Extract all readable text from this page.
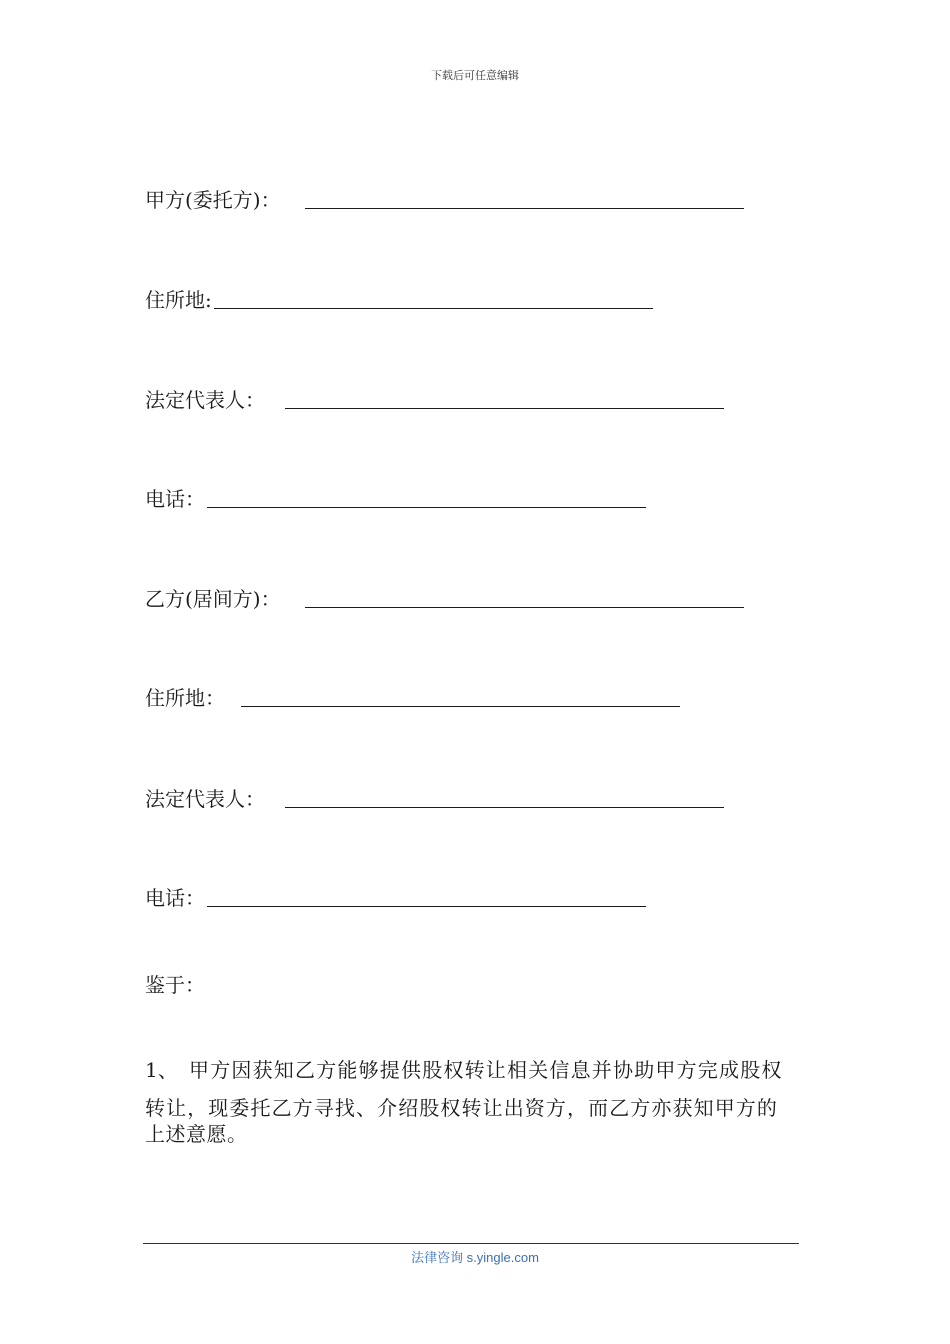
下载后可任意编辑
甲方(委托方)：
住所地:
法定代表人：
电话：
乙方(居间方)：
住所地：
法定代表人：
电话：
鉴于：
1、 甲方因获知乙方能够提供股权转让相关信息并协助甲方完成股权
转让，现委托乙方寻找、介绍股权转让出资方，而乙方亦获知甲方的
上述意愿。
法律咨询 s.yingle.com
